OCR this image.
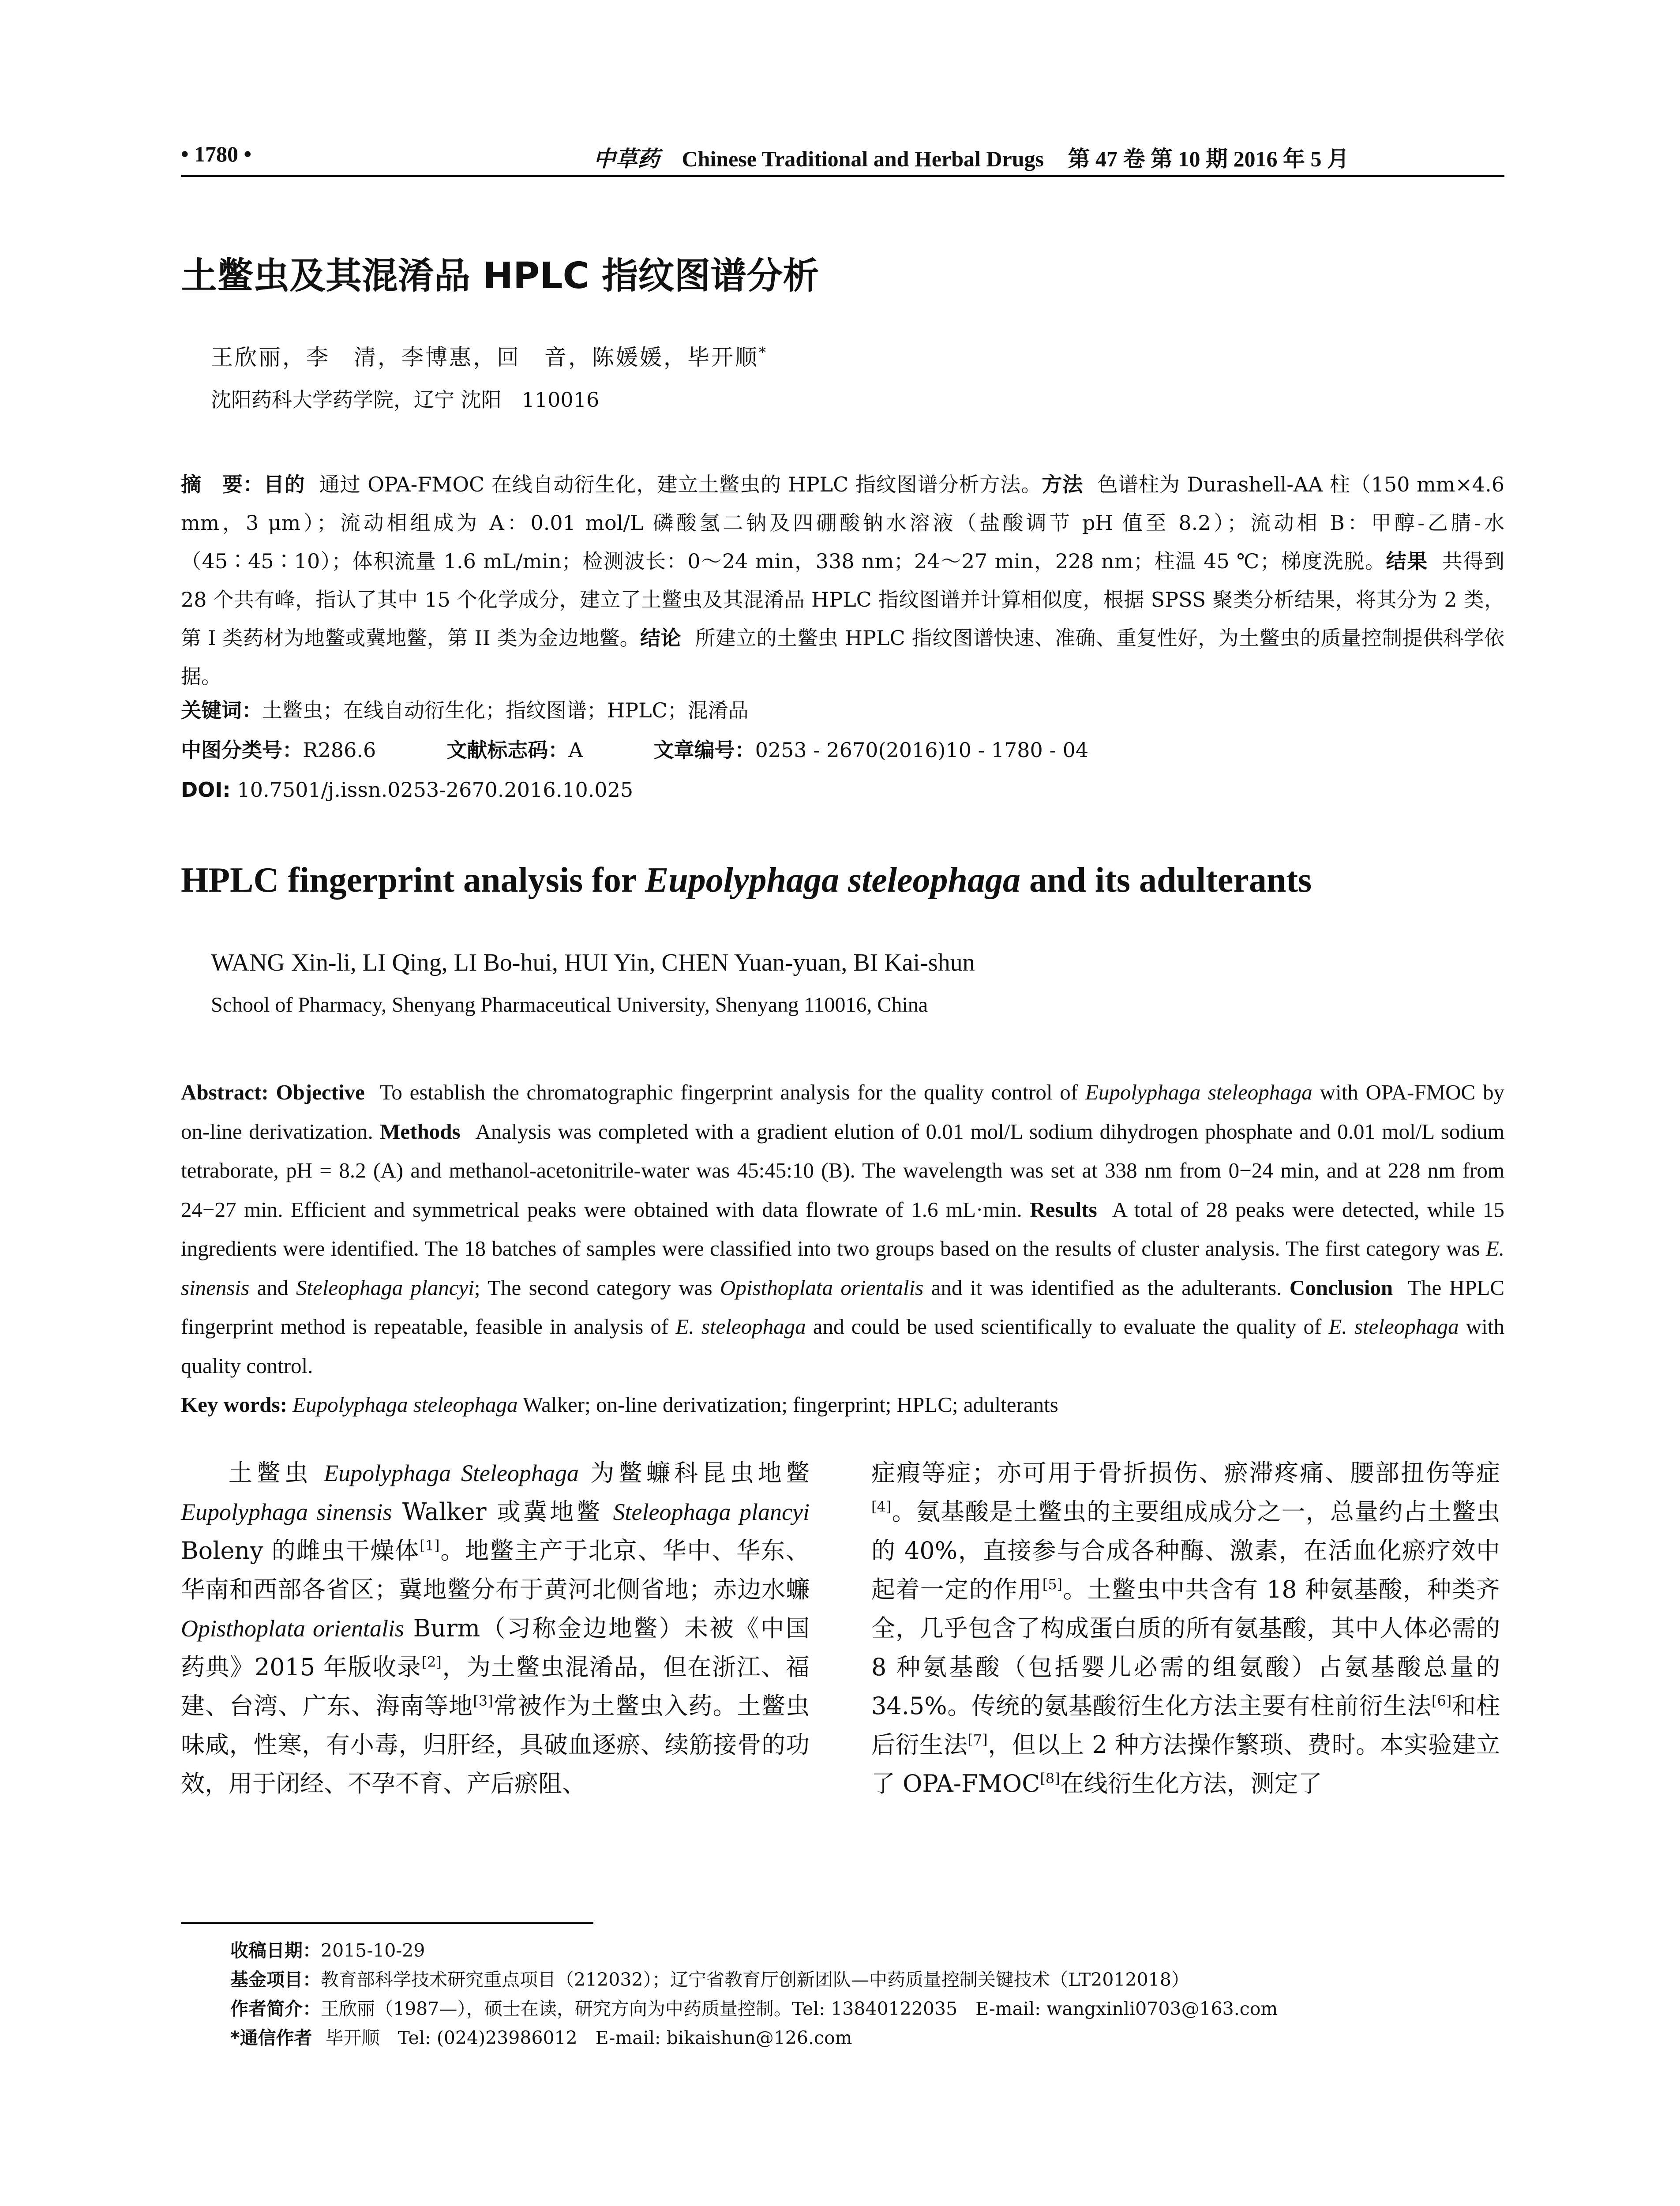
• 1780 •	中草药 Chinese Traditional and Herbal Drugs 第 47 卷 第 10 期 2016 年 5 月
土鳖虫及其混淆品 HPLC 指纹图谱分析
王欣丽，李　清，李博惠，回　音，陈媛媛，毕开顺*
沈阳药科大学药学院，辽宁 沈阳　110016
摘　要：目的 通过 OPA-FMOC 在线自动衍生化，建立土鳖虫的 HPLC 指纹图谱分析方法。方法 色谱柱为 Durashell-AA 柱（150 mm×4.6 mm，3 μm）；流动相组成为 A：0.01 mol/L 磷酸氢二钠及四硼酸钠水溶液（盐酸调节 pH 值至 8.2）；流动相 B：甲醇-乙腈-水（45∶45∶10）；体积流量 1.6 mL/min；检测波长：0～24 min，338 nm；24～27 min，228 nm；柱温 45 ℃；梯度洗脱。结果 共得到 28 个共有峰，指认了其中 15 个化学成分，建立了土鳖虫及其混淆品 HPLC 指纹图谱并计算相似度，根据 SPSS 聚类分析结果，将其分为 2 类，第 I 类药材为地鳖或冀地鳖，第 II 类为金边地鳖。结论 所建立的土鳖虫 HPLC 指纹图谱快速、准确、重复性好，为土鳖虫的质量控制提供科学依据。
关键词：土鳖虫；在线自动衍生化；指纹图谱；HPLC；混淆品
中图分类号：R286.6	文献标志码：A	文章编号：0253 - 2670(2016)10 - 1780 - 04
DOI: 10.7501/j.issn.0253-2670.2016.10.025
HPLC fingerprint analysis for Eupolyphaga steleophaga and its adulterants
WANG Xin-li, LI Qing, LI Bo-hui, HUI Yin, CHEN Yuan-yuan, BI Kai-shun
School of Pharmacy, Shenyang Pharmaceutical University, Shenyang 110016, China
Abstract: Objective To establish the chromatographic fingerprint analysis for the quality control of Eupolyphaga steleophaga with OPA-FMOC by on-line derivatization. Methods Analysis was completed with a gradient elution of 0.01 mol/L sodium dihydrogen phosphate and 0.01 mol/L sodium tetraborate, pH = 8.2 (A) and methanol-acetonitrile-water was 45:45:10 (B). The wavelength was set at 338 nm from 0−24 min, and at 228 nm from 24−27 min. Efficient and symmetrical peaks were obtained with data flowrate of 1.6 mL·min. Results A total of 28 peaks were detected, while 15 ingredients were identified. The 18 batches of samples were classified into two groups based on the results of cluster analysis. The first category was E. sinensis and Steleophaga plancyi; The second category was Opisthoplata orientalis and it was identified as the adulterants. Conclusion The HPLC fingerprint method is repeatable, feasible in analysis of E. steleophaga and could be used scientifically to evaluate the quality of E. steleophaga with quality control.
Key words: Eupolyphaga steleophaga Walker; on-line derivatization; fingerprint; HPLC; adulterants

土鳖虫 Eupolyphaga Steleophaga 为鳖蠊科昆虫地鳖 Eupolyphaga sinensis Walker 或冀地鳖 Steleophaga plancyi Boleny 的雌虫干燥体[1]。地鳖主产于北京、华中、华东、华南和西部各省区；冀地鳖分布于黄河北侧省地；赤边水蠊 Opisthoplata orientalis Burm（习称金边地鳖）未被《中国药典》2015 年版收录[2]，为土鳖虫混淆品，但在浙江、福建、台湾、广东、海南等地[3]常被作为土鳖虫入药。土鳖虫味咸，性寒，有小毒，归肝经，具破血逐瘀、续筋接骨的功效，用于闭经、不孕不育、产后瘀阻、

症瘕等症；亦可用于骨折损伤、瘀滞疼痛、腰部扭伤等症[4]。氨基酸是土鳖虫的主要组成成分之一，总量约占土鳖虫的 40%，直接参与合成各种酶、激素，在活血化瘀疗效中起着一定的作用[5]。土鳖虫中共含有 18 种氨基酸，种类齐全，几乎包含了构成蛋白质的所有氨基酸，其中人体必需的 8 种氨基酸（包括婴儿必需的组氨酸）占氨基酸总量的 34.5%。传统的氨基酸衍生化方法主要有柱前衍生法[6]和柱后衍生法[7]，但以上 2 种方法操作繁琐、费时。本实验建立了 OPA-FMOC[8]在线衍生化方法，测定了

收稿日期：2015-10-29
基金项目：教育部科学技术研究重点项目（212032）；辽宁省教育厅创新团队—中药质量控制关键技术（LT2012018）
作者简介：王欣丽（1987—），硕士在读，研究方向为中药质量控制。Tel: 13840122035　E-mail: wangxinli0703@163.com
*通信作者 毕开顺　Tel: (024)23986012　E-mail: bikaishun@126.com
